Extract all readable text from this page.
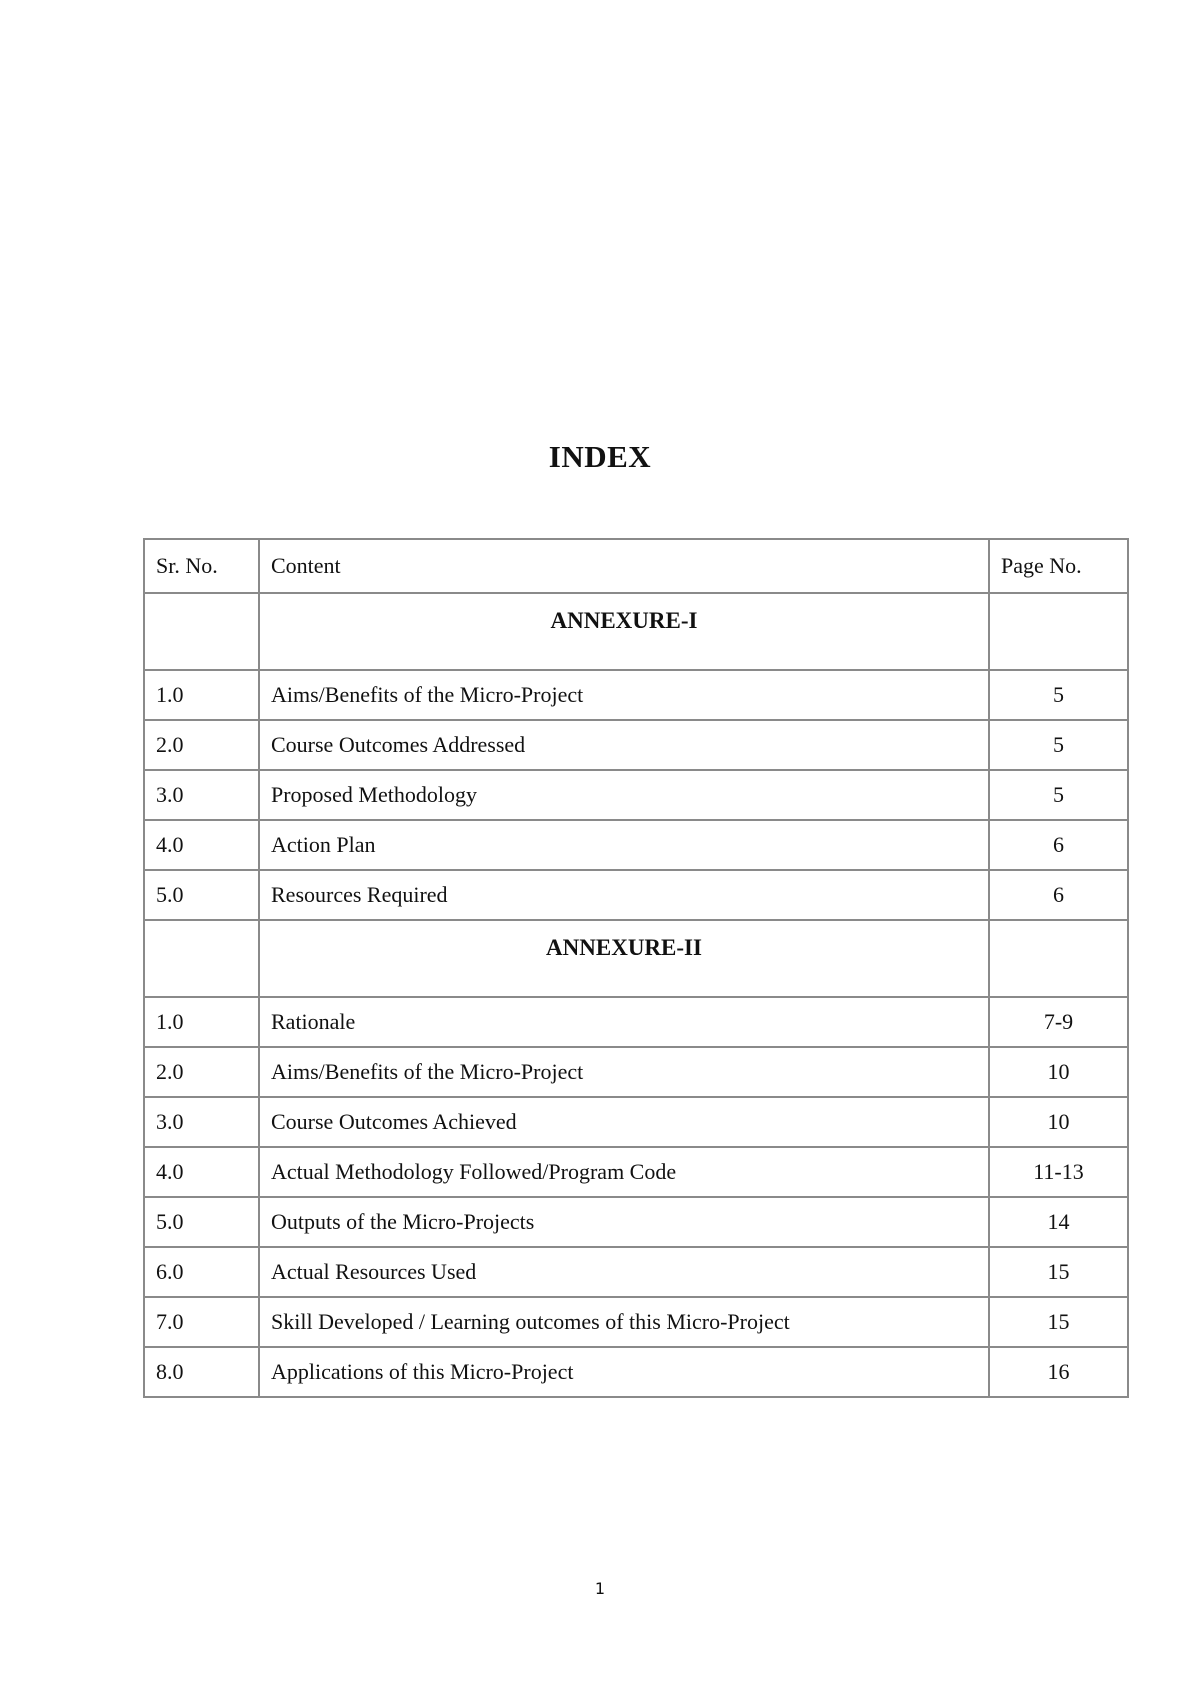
INDEX
Sr. No.	Content	Page No.
	ANNEXURE-I	
1.0	Aims/Benefits of the Micro-Project	5
2.0	Course Outcomes Addressed	5
3.0	Proposed Methodology	5
4.0	Action Plan	6
5.0	Resources Required	6
	ANNEXURE-II	
1.0	Rationale	7-9
2.0	Aims/Benefits of the Micro-Project	10
3.0	Course Outcomes Achieved	10
4.0	Actual Methodology Followed/Program Code	11-13
5.0	Outputs of the Micro-Projects	14
6.0	Actual Resources Used	15
7.0	Skill Developed / Learning outcomes of this Micro-Project	15
8.0	Applications of this Micro-Project	16
1
